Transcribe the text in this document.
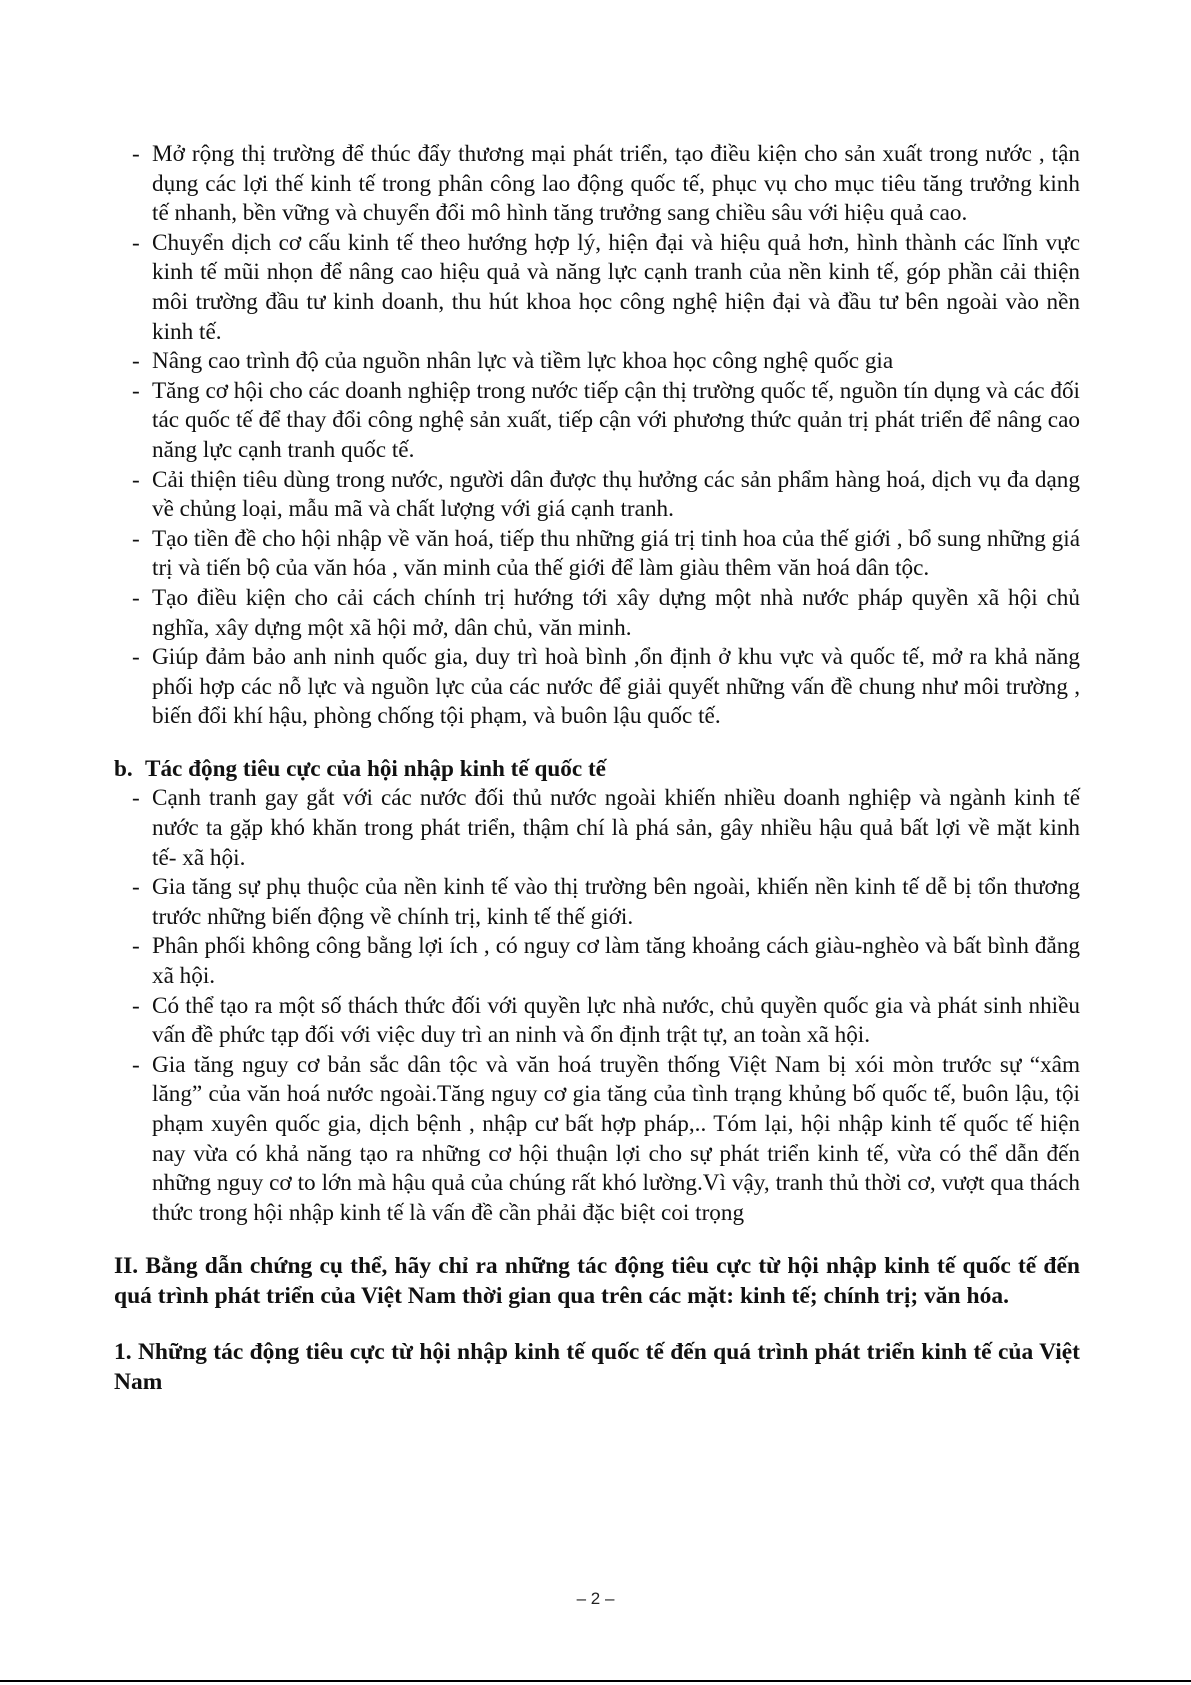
- Mở rộng thị trường để thúc đẩy thương mại phát triển, tạo điều kiện cho sản xuất trong nước , tận dụng các lợi thế kinh tế trong phân công lao động quốc tế, phục vụ cho mục tiêu tăng trưởng kinh tế nhanh, bền vững và chuyển đổi mô hình tăng trưởng sang chiều sâu với hiệu quả cao.
- Chuyển dịch cơ cấu kinh tế theo hướng hợp lý, hiện đại và hiệu quả hơn, hình thành các lĩnh vực kinh tế mũi nhọn để nâng cao hiệu quả và năng lực cạnh tranh của nền kinh tế, góp phần cải thiện môi trường đầu tư kinh doanh, thu hút khoa học công nghệ hiện đại và đầu tư bên ngoài vào nền kinh tế.
- Nâng cao trình độ của nguồn nhân lực và tiềm lực khoa học công nghệ quốc gia
- Tăng cơ hội cho các doanh nghiệp trong nước tiếp cận thị trường quốc tế, nguồn tín dụng và các đối tác quốc tế để thay đổi công nghệ sản xuất, tiếp cận với phương thức quản trị phát triển để nâng cao năng lực cạnh tranh quốc tế.
- Cải thiện tiêu dùng trong nước, người dân được thụ hưởng các sản phẩm hàng hoá, dịch vụ đa dạng về chủng loại, mẫu mã và chất lượng với giá cạnh tranh.
- Tạo tiền đề cho hội nhập về văn hoá, tiếp thu những giá trị tinh hoa của thế giới , bổ sung những giá trị và tiến bộ của văn hóa , văn minh của thế giới để làm giàu thêm văn hoá dân tộc.
- Tạo điều kiện cho cải cách chính trị hướng tới xây dựng một nhà nước pháp quyền xã hội chủ nghĩa, xây dựng một xã hội mở, dân chủ, văn minh.
- Giúp đảm bảo anh ninh quốc gia, duy trì hoà bình ,ổn định ở khu vực và quốc tế, mở ra khả năng phối hợp các nỗ lực và nguồn lực của các nước để giải quyết những vấn đề chung như môi trường , biến đổi khí hậu, phòng chống tội phạm, và buôn lậu quốc tế.
b. Tác động tiêu cực của hội nhập kinh tế quốc tế
- Cạnh tranh gay gắt với các nước đối thủ nước ngoài khiến nhiều doanh nghiệp và ngành kinh tế nước ta gặp khó khăn trong phát triển, thậm chí là phá sản, gây nhiều hậu quả bất lợi về mặt kinh tế- xã hội.
- Gia tăng sự phụ thuộc của nền kinh tế vào thị trường bên ngoài, khiến nền kinh tế dễ bị tổn thương trước những biến động về chính trị, kinh tế thế giới.
- Phân phối không công bằng lợi ích , có nguy cơ làm tăng khoảng cách giàu-nghèo và bất bình đẳng xã hội.
- Có thể tạo ra một số thách thức đối với quyền lực nhà nước, chủ quyền quốc gia và phát sinh nhiều vấn đề phức tạp đối với việc duy trì an ninh và ổn định trật tự, an toàn xã hội.
- Gia tăng nguy cơ bản sắc dân tộc và văn hoá truyền thống Việt Nam bị xói mòn trước sự “xâm lăng” của văn hoá nước ngoài.Tăng nguy cơ gia tăng của tình trạng khủng bố quốc tế, buôn lậu, tội phạm xuyên quốc gia, dịch bệnh , nhập cư bất hợp pháp,.. Tóm lại, hội nhập kinh tế quốc tế hiện nay vừa có khả năng tạo ra những cơ hội thuận lợi cho sự phát triển kinh tế, vừa có thể dẫn đến những nguy cơ to lớn mà hậu quả của chúng rất khó lường.Vì vậy, tranh thủ thời cơ, vượt qua thách thức trong hội nhập kinh tế là vấn đề cần phải đặc biệt coi trọng
II. Bằng dẫn chứng cụ thể, hãy chỉ ra những tác động tiêu cực từ hội nhập kinh tế quốc tế đến quá trình phát triển của Việt Nam thời gian qua trên các mặt: kinh tế; chính trị; văn hóa.
1. Những tác động tiêu cực từ hội nhập kinh tế quốc tế đến quá trình phát triển kinh tế của Việt Nam
– 2 –
